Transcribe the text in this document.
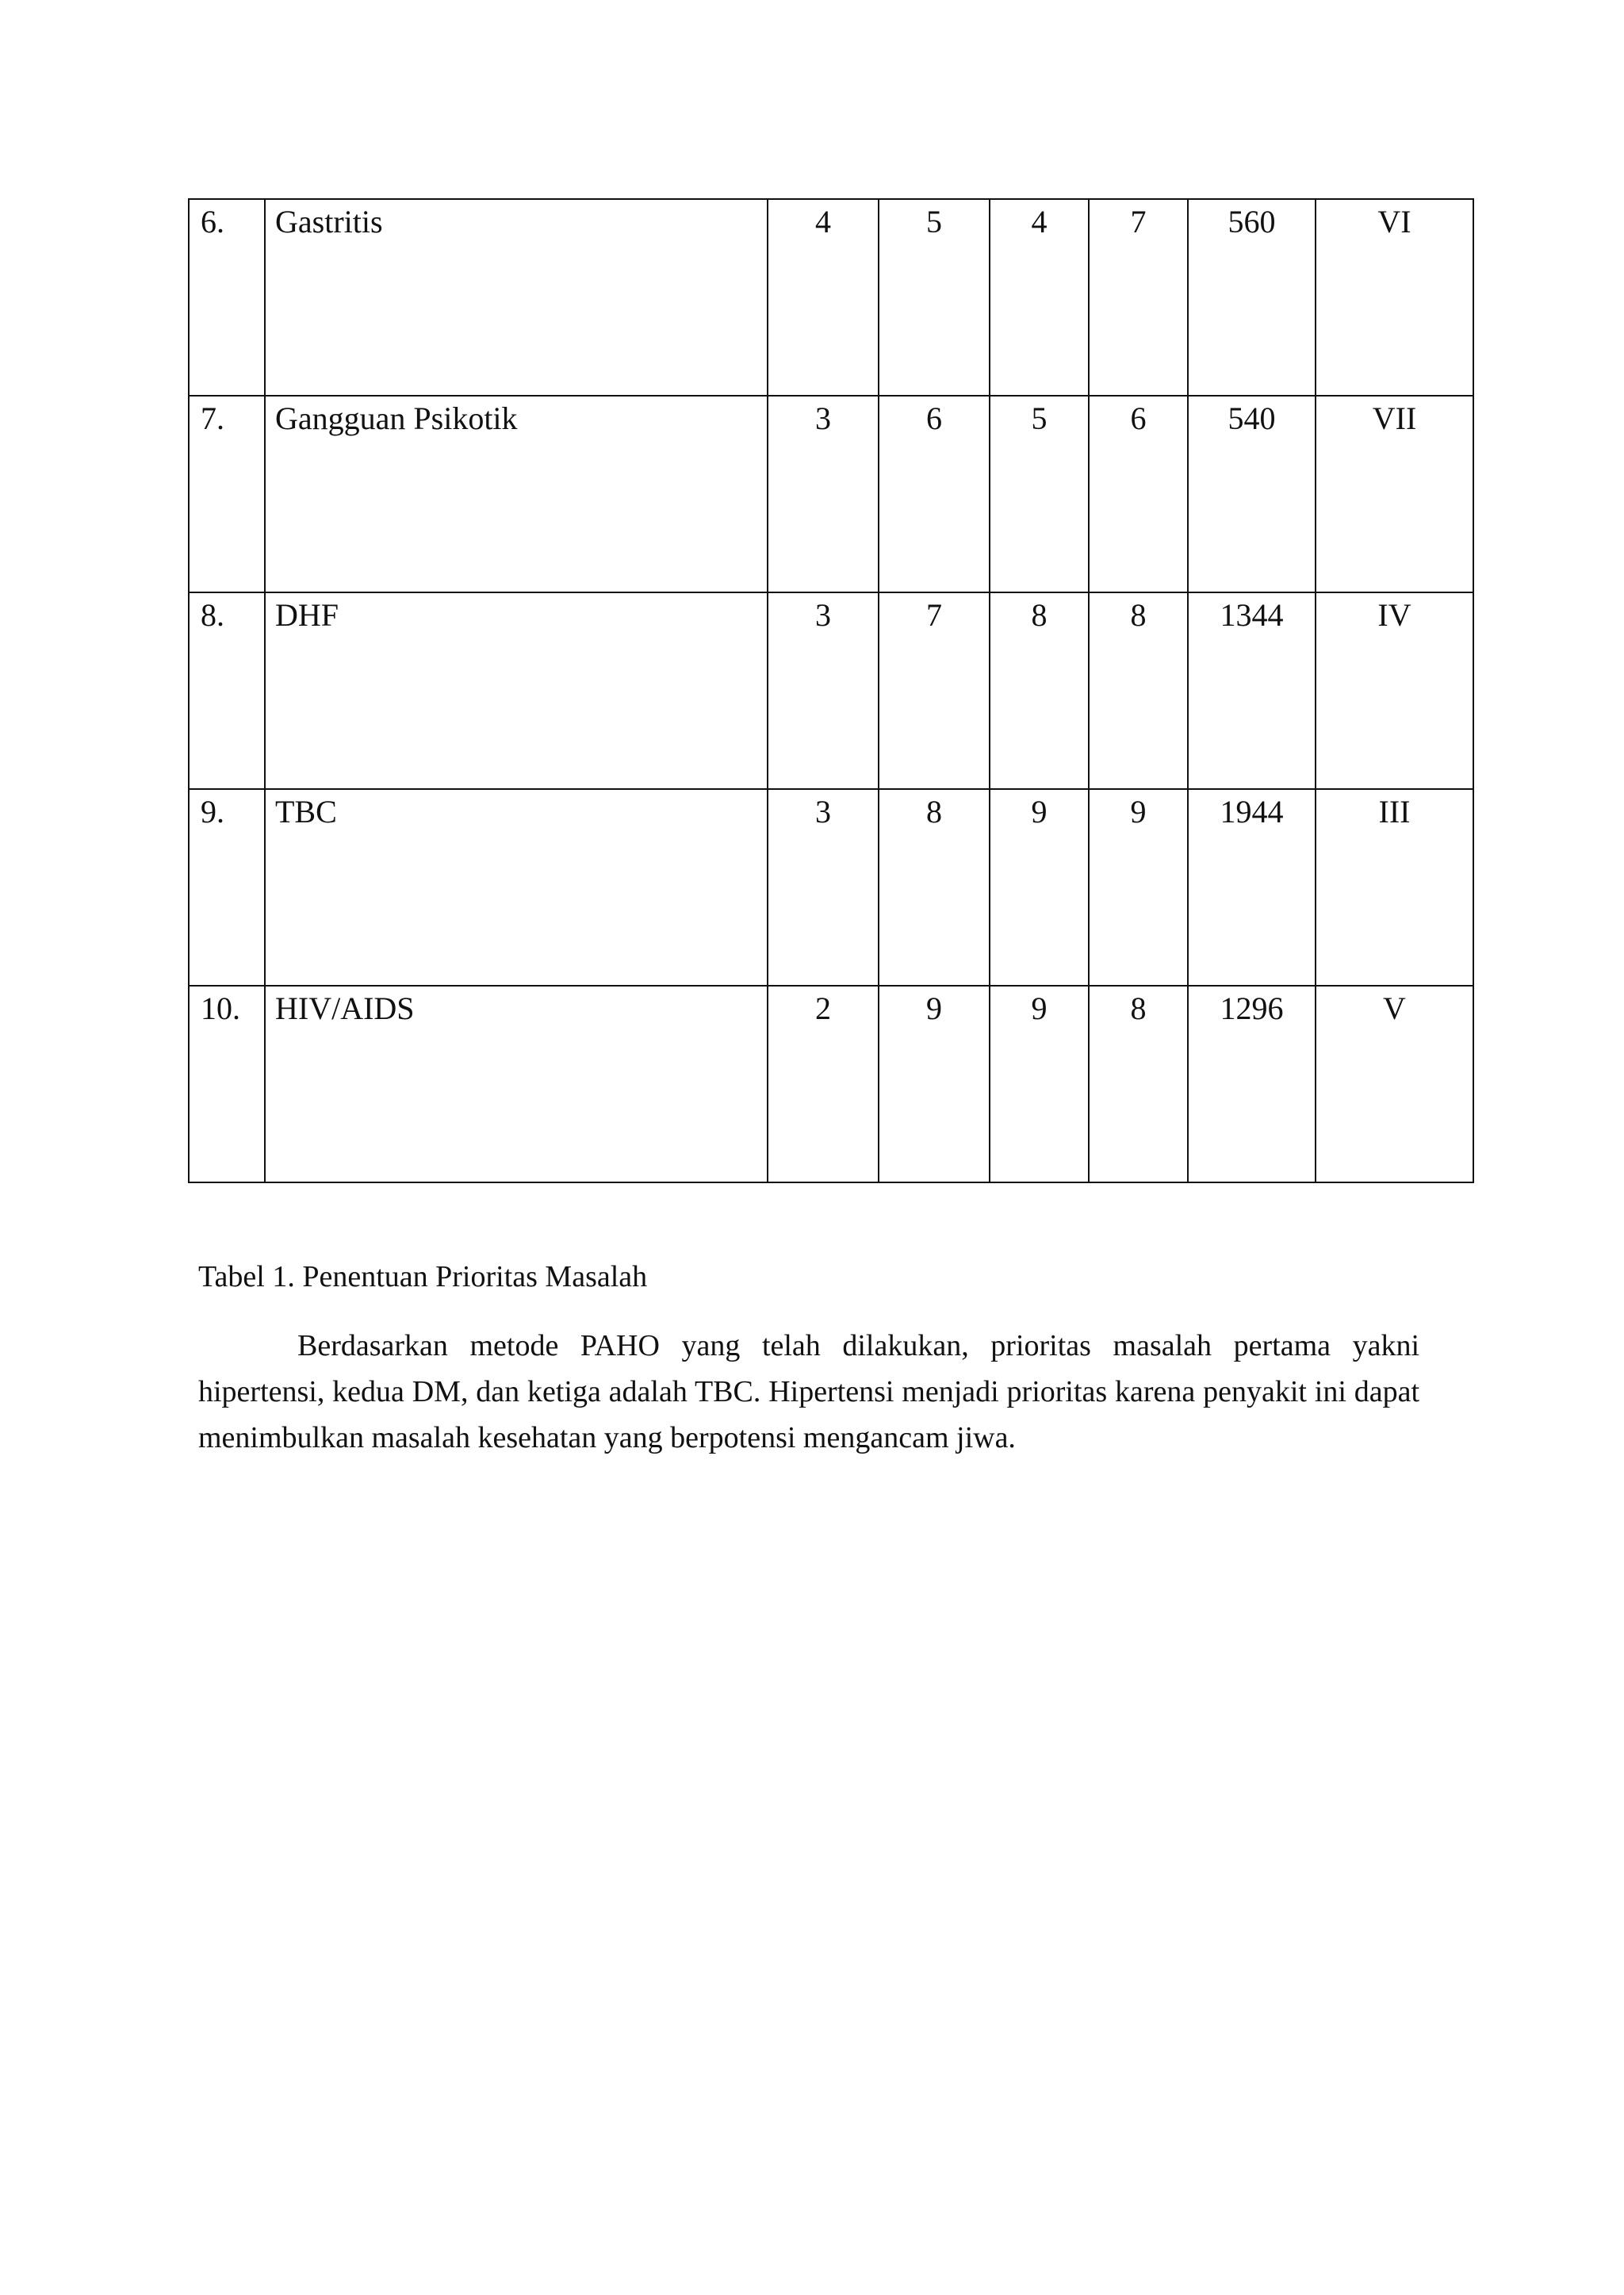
6.	Gastritis	4	5	4	7	560	VI

7.	Gangguan Psikotik	3	6	5	6	540	VII

8.	DHF	3	7	8	8	1344	IV

9.	TBC	3	8	9	9	1944	III

10.	HIV/AIDS	2	9	9	8	1296	V

Tabel 1. Penentuan Prioritas Masalah

Berdasarkan metode PAHO yang telah dilakukan, prioritas masalah pertama yakni hipertensi, kedua DM, dan ketiga adalah TBC. Hipertensi menjadi prioritas karena penyakit ini dapat menimbulkan masalah kesehatan yang berpotensi mengancam jiwa.
